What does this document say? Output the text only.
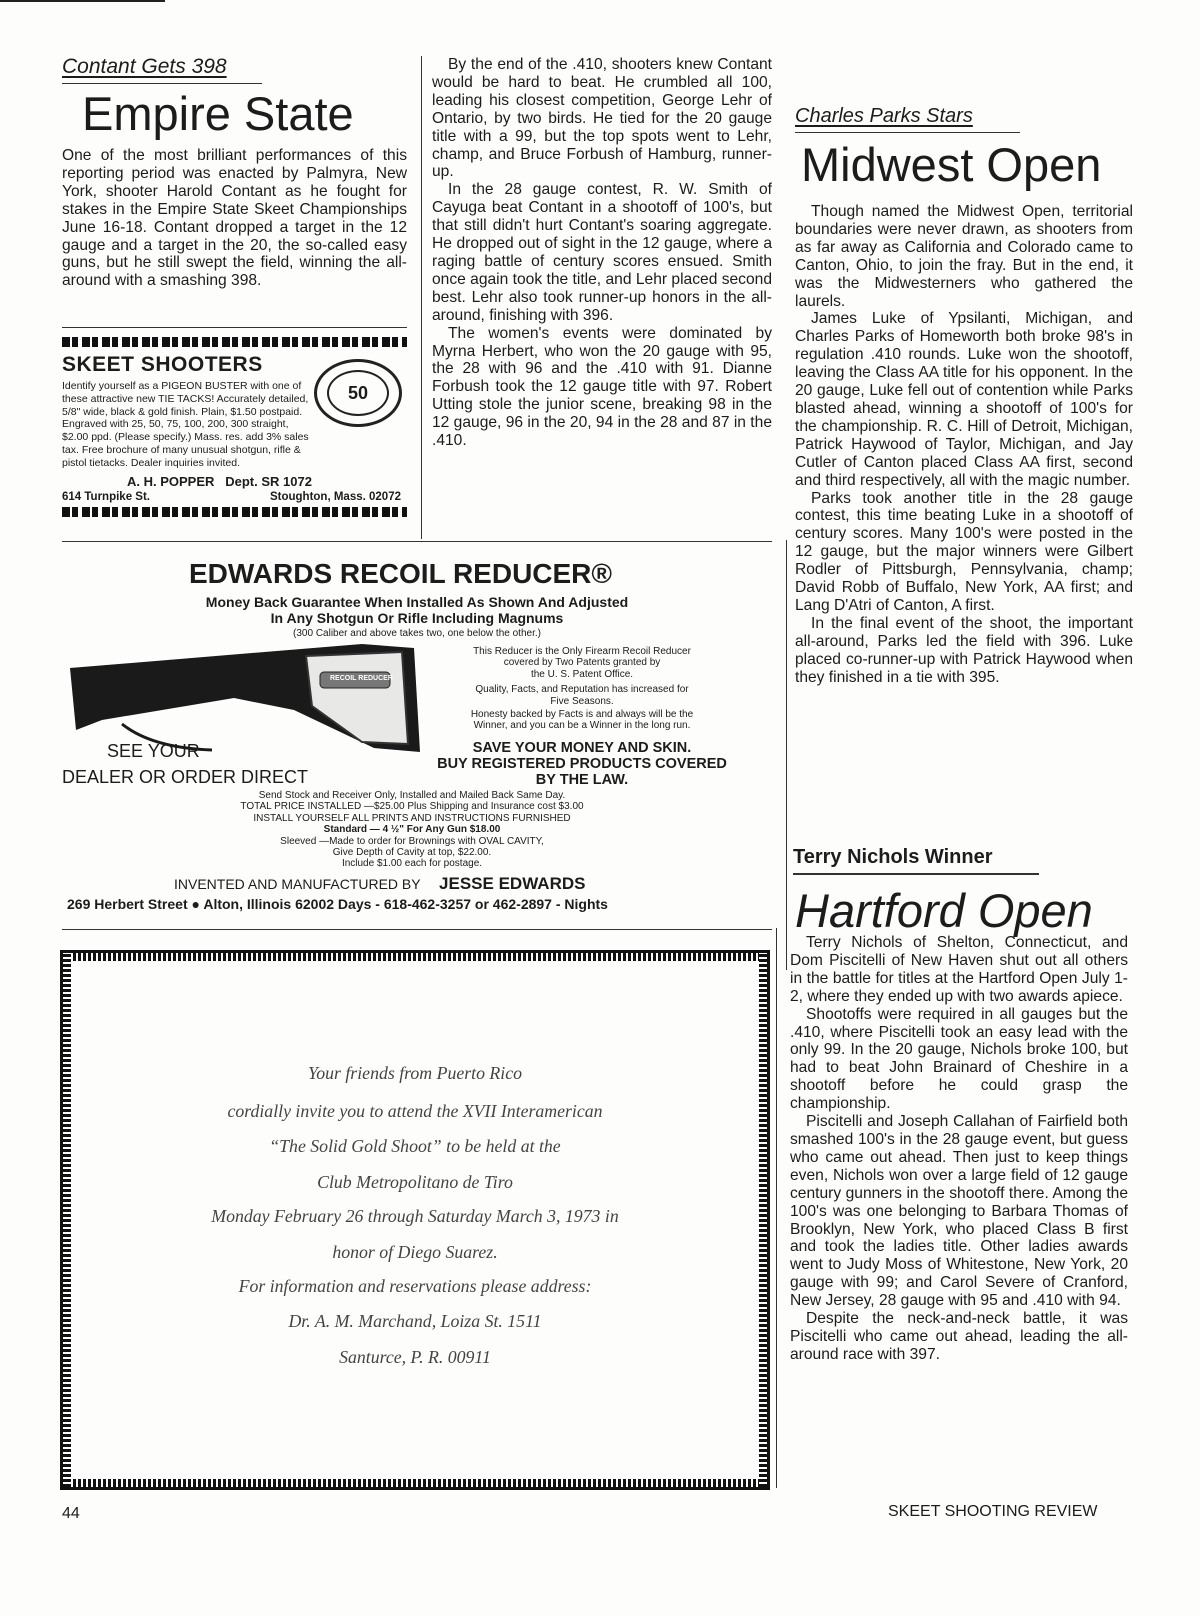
Contant Gets 398

Empire State

One of the most brilliant performances of this reporting period was enacted by Palmyra, New York, shooter Harold Contant as he fought for stakes in the Empire State Skeet Championships June 16-18. Contant dropped a target in the 12 gauge and a target in the 20, the so-called easy guns, but he still swept the field, winning the all-around with a smashing 398.

By the end of the .410, shooters knew Contant would be hard to beat. He crumbled all 100, leading his closest competition, George Lehr of Ontario, by two birds. He tied for the 20 gauge title with a 99, but the top spots went to Lehr, champ, and Bruce Forbush of Hamburg, runner-up.

In the 28 gauge contest, R. W. Smith of Cayuga beat Contant in a shootoff of 100's, but that still didn't hurt Contant's soaring aggregate. He dropped out of sight in the 12 gauge, where a raging battle of century scores ensued. Smith once again took the title, and Lehr placed second best. Lehr also took runner-up honors in the all-around, finishing with 396.

The women's events were dominated by Myrna Herbert, who won the 20 gauge with 95, the 28 with 96 and the .410 with 91. Dianne Forbush took the 12 gauge title with 97. Robert Utting stole the junior scene, breaking 98 in the 12 gauge, 96 in the 20, 94 in the 28 and 87 in the .410.

SKEET SHOOTERS

50

Identify yourself as a PIGEON BUSTER with one of these attractive new TIE TACKS! Accurately detailed, 5/8" wide, black & gold finish. Plain, $1.50 postpaid. Engraved with 25, 50, 75, 100, 200, 300 straight, $2.00 ppd. (Please specify.) Mass. res. add 3% sales tax. Free brochure of many unusual shotgun, rifle & pistol tietacks. Dealer inquiries invited.

A. H. POPPER   Dept. SR 1072
614 Turnpike St.	Stoughton, Mass. 02072
EDWARDS RECOIL REDUCER®
Money Back Guarantee When Installed As Shown And Adjusted
In Any Shotgun Or Rifle Including Magnums
(300 Caliber and above takes two, one below the other.)
RECOIL REDUCER
This Reducer is the Only Firearm Recoil Reducer
covered by Two Patents granted by
the U. S. Patent Office.
Quality, Facts, and Reputation has increased for
Five Seasons.
Honesty backed by Facts is and always will be the
Winner, and you can be a Winner in the long run.
SEE YOUR
DEALER OR ORDER DIRECT
SAVE YOUR MONEY AND SKIN.
BUY REGISTERED PRODUCTS COVERED
BY THE LAW.
Send Stock and Receiver Only, Installed and Mailed Back Same Day.
TOTAL PRICE INSTALLED —$25.00 Plus Shipping and Insurance cost $3.00
INSTALL YOURSELF ALL PRINTS AND INSTRUCTIONS FURNISHED
Standard — 4 ½" For Any Gun $18.00
Sleeved —Made to order for Brownings with OVAL CAVITY,
Give Depth of Cavity at top, $22.00.
Include $1.00 each for postage.
INVENTED AND MANUFACTURED BY JESSE EDWARDS
269 Herbert Street ● Alton, Illinois 62002 Days - 618-462-3257 or 462-2897 - Nights
Your friends from Puerto Rico
cordially invite you to attend the XVII Interamerican
“The Solid Gold Shoot” to be held at the
Club Metropolitano de Tiro
Monday February 26 through Saturday March 3, 1973 in
honor of Diego Suarez.
For information and reservations please address:
Dr. A. M. Marchand, Loiza St. 1511
Santurce, P. R. 00911

Charles Parks Stars

Midwest Open

Though named the Midwest Open, territorial boundaries were never drawn, as shooters from as far away as California and Colorado came to Canton, Ohio, to join the fray. But in the end, it was the Midwesterners who gathered the laurels.

James Luke of Ypsilanti, Michigan, and Charles Parks of Homeworth both broke 98's in regulation .410 rounds. Luke won the shootoff, leaving the Class AA title for his opponent. In the 20 gauge, Luke fell out of contention while Parks blasted ahead, winning a shootoff of 100's for the championship. R. C. Hill of Detroit, Michigan, Patrick Haywood of Taylor, Michigan, and Jay Cutler of Canton placed Class AA first, second and third respectively, all with the magic number.

Parks took another title in the 28 gauge contest, this time beating Luke in a shootoff of century scores. Many 100's were posted in the 12 gauge, but the major winners were Gilbert Rodler of Pittsburgh, Pennsylvania, champ; David Robb of Buffalo, New York, AA first; and Lang D'Atri of Canton, A first.

In the final event of the shoot, the important all-around, Parks led the field with 396. Luke placed co-runner-up with Patrick Haywood when they finished in a tie with 395.

Terry Nichols Winner
Hartford Open

Terry Nichols of Shelton, Connecticut, and Dom Piscitelli of New Haven shut out all others in the battle for titles at the Hartford Open July 1-2, where they ended up with two awards apiece.

Shootoffs were required in all gauges but the .410, where Piscitelli took an easy lead with the only 99. In the 20 gauge, Nichols broke 100, but had to beat John Brainard of Cheshire in a shootoff before he could grasp the championship.

Piscitelli and Joseph Callahan of Fairfield both smashed 100's in the 28 gauge event, but guess who came out ahead. Then just to keep things even, Nichols won over a large field of 12 gauge century gunners in the shootoff there. Among the 100's was one belonging to Barbara Thomas of Brooklyn, New York, who placed Class B first and took the ladies title. Other ladies awards went to Judy Moss of Whitestone, New York, 20 gauge with 99; and Carol Severe of Cranford, New Jersey, 28 gauge with 95 and .410 with 94.

Despite the neck-and-neck battle, it was Piscitelli who came out ahead, leading the all-around race with 397.

44	SKEET SHOOTING REVIEW
